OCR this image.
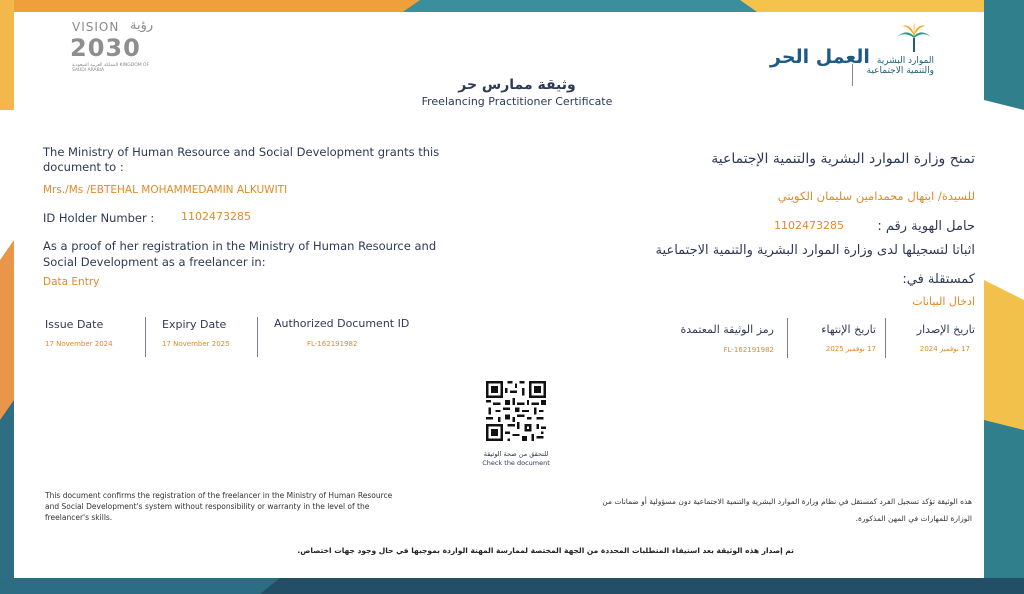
رؤية
VISION
2030
المملكة العربية السعودية KINGDOM OF SAUDI ARABIA
الموارد البشرية والتنمية الاجتماعية
العمل الحر
وثيقة ممارس حر
Freelancing Practitioner Certificate
The Ministry of Human Resource and Social Development grants this
document to :
Mrs./Ms /EBTEHAL MOHAMMEDAMIN ALKUWITI
ID Holder Number : 1102473285
As a proof of her registration in the Ministry of Human Resource and
Social Development as a freelancer in:
Data Entry
Issue Date
17 November 2024
Expiry Date
17 November 2025
Authorized Document ID
FL-162191982
تمنح وزارة الموارد البشرية والتنمية الإجتماعية
للسيدة/ ابتهال محمدامين سليمان الكويتي
حامل الهوية رقم :
1102473285
اثباتا لتسجيلها لدى وزارة الموارد البشرية والتنمية الاجتماعية
كمستقلة في:
ادخال البيانات
تاريخ الإصدار
17 نوفمبر 2024
تاريخ الإنتهاء
17 نوفمبر 2025
رمز الوثيقة المعتمدة
FL-162191982
للتحقق من صحة الوثيقة
Check the document
This document confirms the registration of the freelancer in the Ministry of Human Resource
and Social Development's system without responsibility or warranty in the level of the
freelancer's skills.
هذه الوثيقة تؤكد تسجيل الفرد كمستقل في نظام وزارة الموارد البشرية والتنمية الاجتماعية دون مسؤولية أو ضمانات من
الوزارة للمهارات في المهن المذكورة.
تم إصدار هذه الوثيقة بعد استيفاء المتطلبات المحددة من الجهة المختصة لممارسة المهنة الواردة بموجبها في حال وجود جهات اختصاص.
